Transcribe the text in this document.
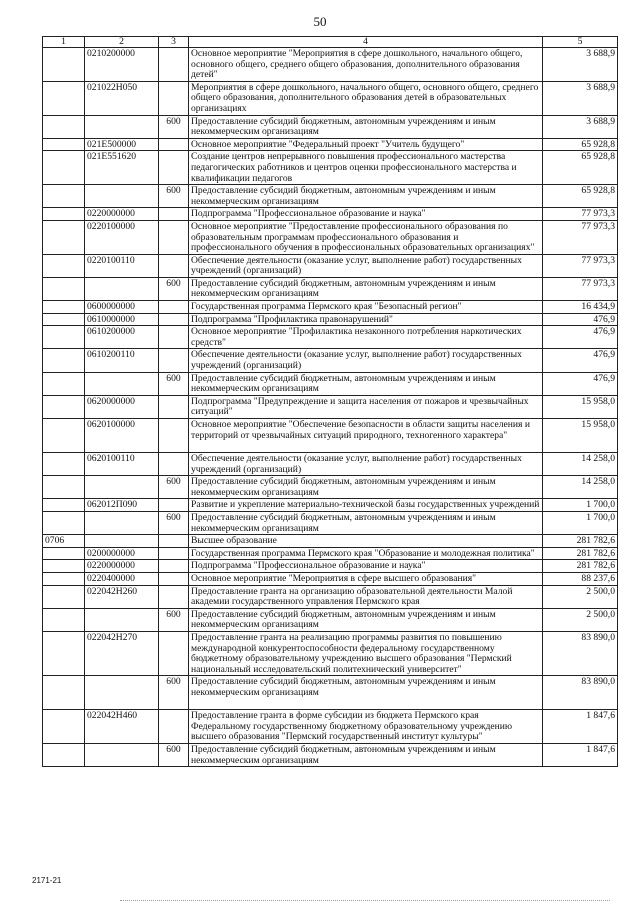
50
1	2	3	4	5
	0210200000		Основное мероприятие "Мероприятия в сфере дошкольного, начального общего, основного общего, среднего общего образования, дополнительного образования детей"	3 688,9
	021022Н050		Мероприятия в сфере дошкольного, начального общего, основного общего, среднего общего образования, дополнительного образования детей в образовательных организациях	3 688,9
		600	Предоставление субсидий бюджетным, автономным учреждениям и иным некоммерческим организациям	3 688,9
	021E500000		Основное мероприятие "Федеральный проект "Учитель будущего"	65 928,8
	021E551620		Создание центров непрерывного повышения профессионального мастерства педагогических работников и центров оценки профессионального мастерства и квалификации педагогов	65 928,8
		600	Предоставление субсидий бюджетным, автономным учреждениям и иным некоммерческим организациям	65 928,8
	0220000000		Подпрограмма "Профессиональное образование и наука"	77 973,3
	0220100000		Основное мероприятие "Предоставление профессионального образования по образовательным программам профессионального образования и профессионального обучения в профессиональных образовательных организациях"	77 973,3
	0220100110		Обеспечение деятельности (оказание услуг, выполнение работ) государственных учреждений (организаций)	77 973,3
		600	Предоставление субсидий бюджетным, автономным учреждениям и иным некоммерческим организациям	77 973,3
	0600000000		Государственная программа Пермского края "Безопасный регион"	16 434,9
	0610000000		Подпрограмма "Профилактика правонарушений"	476,9
	0610200000		Основное мероприятие "Профилактика незаконного потребления наркотических средств"	476,9
	0610200110		Обеспечение деятельности (оказание услуг, выполнение работ) государственных учреждений (организаций)	476,9
		600	Предоставление субсидий бюджетным, автономным учреждениям и иным некоммерческим организациям	476,9
	0620000000		Подпрограмма "Предупреждение и защита населения от пожаров и чрезвычайных ситуаций"	15 958,0
	0620100000		Основное мероприятие "Обеспечение безопасности в области защиты населения и территорий от чрезвычайных ситуаций природного, техногенного характера"	15 958,0
	0620100110		Обеспечение деятельности (оказание услуг, выполнение работ) государственных учреждений (организаций)	14 258,0
		600	Предоставление субсидий бюджетным, автономным учреждениям и иным некоммерческим организациям	14 258,0
	062012П090		Развитие и укрепление материально-технической базы государственных учреждений	1 700,0
		600	Предоставление субсидий бюджетным, автономным учреждениям и иным некоммерческим организациям	1 700,0
0706			Высшее образование	281 782,6
	0200000000		Государственная программа Пермского края "Образование и молодежная политика"	281 782,6
	0220000000		Подпрограмма "Профессиональное образование и наука"	281 782,6
	0220400000		Основное мероприятие "Мероприятия в сфере высшего образования"	88 237,6
	022042Н260		Предоставление гранта на организацию образовательной деятельности Малой академии государственного управления Пермского края	2 500,0
		600	Предоставление субсидий бюджетным, автономным учреждениям и иным некоммерческим организациям	2 500,0
	022042Н270		Предоставление гранта на реализацию программы развития по повышению международной конкурентоспособности федеральному государственному бюджетному образовательному учреждению высшего образования "Пермский национальный исследовательский политехнический университет"	83 890,0
		600	Предоставление субсидий бюджетным, автономным учреждениям и иным некоммерческим организациям	83 890,0
	022042Н460		Предоставление гранта в форме субсидии из бюджета Пермского края Федеральному государственному бюджетному образовательному учреждению высшего образования "Пермский государственный институт культуры"	1 847,6
		600	Предоставление субсидий бюджетным, автономным учреждениям и иным некоммерческим организациям	1 847,6
2171-21
